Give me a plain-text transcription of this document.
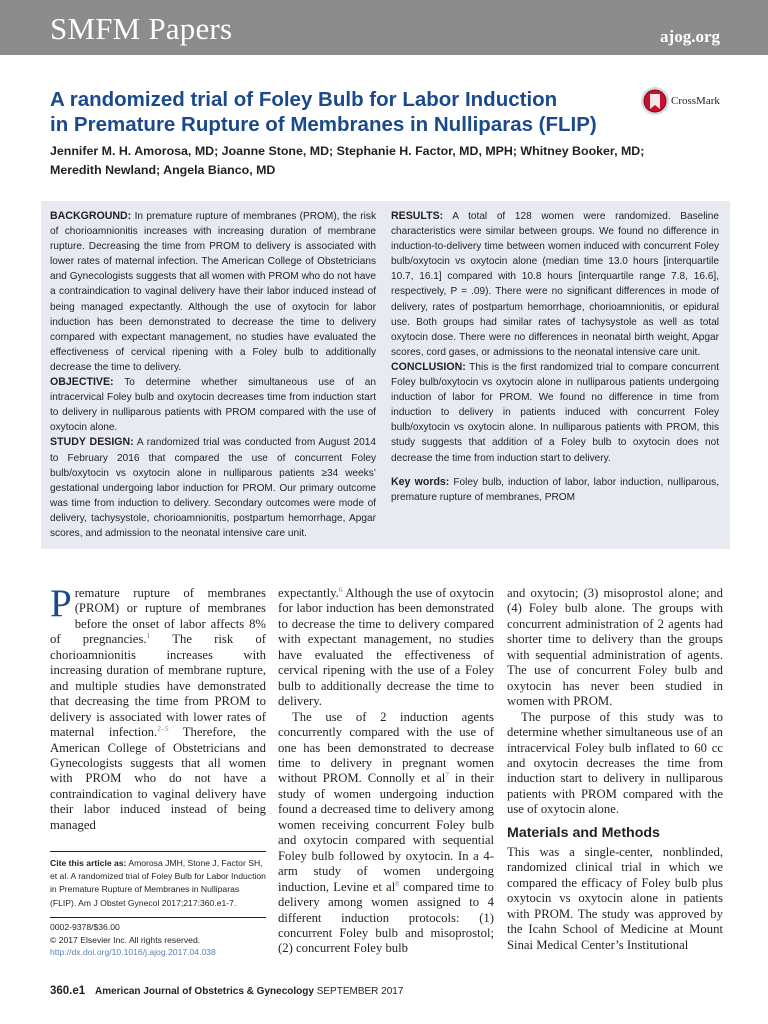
SMFM Papers	ajog.org
A randomized trial of Foley Bulb for Labor Induction
in Premature Rupture of Membranes in Nulliparas (FLIP)
CrossMark
Jennifer M. H. Amorosa, MD; Joanne Stone, MD; Stephanie H. Factor, MD, MPH; Whitney Booker, MD;
Meredith Newland; Angela Bianco, MD
BACKGROUND: In premature rupture of membranes (PROM), the risk of chorioamnionitis increases with increasing duration of membrane rupture. Decreasing the time from PROM to delivery is associated with lower rates of maternal infection. The American College of Obstetricians and Gynecologists suggests that all women with PROM who do not have a contraindication to vaginal delivery have their labor induced instead of being managed expectantly. Although the use of oxytocin for labor induction has been demonstrated to decrease the time to delivery compared with expectant management, no studies have evaluated the effectiveness of cervical ripening with a Foley bulb to additionally decrease the time to delivery.
OBJECTIVE: To determine whether simultaneous use of an intracervical Foley bulb and oxytocin decreases time from induction start to delivery in nulliparous patients with PROM compared with the use of oxytocin alone.
STUDY DESIGN: A randomized trial was conducted from August 2014 to February 2016 that compared the use of concurrent Foley bulb/oxytocin vs oxytocin alone in nulliparous patients ≥34 weeks’ gestational undergoing labor induction for PROM. Our primary outcome was time from induction to delivery. Secondary outcomes were mode of delivery, tachysystole, chorioamnionitis, postpartum hemorrhage, Apgar scores, and admission to the neonatal intensive care unit.
RESULTS: A total of 128 women were randomized. Baseline characteristics were similar between groups. We found no difference in induction-to-delivery time between women induced with concurrent Foley bulb/oxytocin vs oxytocin alone (median time 13.0 hours [interquartile 10.7, 16.1] compared with 10.8 hours [interquartile range 7.8, 16.6], respectively, P = .09). There were no significant differences in mode of delivery, rates of postpartum hemorrhage, chorioamnionitis, or epidural use. Both groups had similar rates of tachysystole as well as total oxytocin dose. There were no differences in neonatal birth weight, Apgar scores, cord gases, or admissions to the neonatal intensive care unit.
CONCLUSION: This is the first randomized trial to compare concurrent Foley bulb/oxytocin vs oxytocin alone in nulliparous patients undergoing induction of labor for PROM. We found no difference in time from induction to delivery in patients induced with concurrent Foley bulb/oxytocin vs oxytocin alone. In nulliparous patients with PROM, this study suggests that addition of a Foley bulb to oxytocin does not decrease the time from induction start to delivery.
Key words: Foley bulb, induction of labor, labor induction, nulliparous, premature rupture of membranes, PROM

Premature rupture of membranes (PROM) or rupture of membranes before the onset of labor affects 8% of pregnancies.$^1$ The risk of chorioamnionitis increases with increasing duration of membrane rupture, and multiple studies have demonstrated that decreasing the time from PROM to delivery is associated with lower rates of maternal infection.$^{2-5}$ Therefore, the American College of Obstetricians and Gynecologists suggests that all women with PROM who do not have a contraindication to vaginal delivery have their labor induced instead of being managed

Cite this article as: Amorosa JMH, Stone J, Factor SH, et al. A randomized trial of Foley Bulb for Labor Induction in Premature Rupture of Membranes in Nulliparas (FLIP). Am J Obstet Gynecol 2017;217:360.e1-7.
0002-9378/$36.00
© 2017 Elsevier Inc. All rights reserved.
http://dx.doi.org/10.1016/j.ajog.2017.04.038

expectantly.$^6$ Although the use of oxytocin for labor induction has been demonstrated to decrease the time to delivery compared with expectant management, no studies have evaluated the effectiveness of cervical ripening with the use of a Foley bulb to additionally decrease the time to delivery.

The use of 2 induction agents concurrently compared with the use of one has been demonstrated to decrease time to delivery in pregnant women without PROM. Connolly et $al^7$ in their study of women undergoing induction found a decreased time to delivery among women receiving concurrent Foley bulb and oxytocin compared with sequential Foley bulb followed by oxytocin. In a 4-arm study of women undergoing induction, Levine et $al^8$ compared time to delivery among women assigned to 4 different induction protocols: (1) concurrent Foley bulb and misoprostol; (2) concurrent Foley bulb

and oxytocin; (3) misoprostol alone; and (4) Foley bulb alone. The groups with concurrent administration of 2 agents had shorter time to delivery than the groups with sequential administration of agents. The use of concurrent Foley bulb and oxytocin has never been studied in women with PROM.

The purpose of this study was to determine whether simultaneous use of an intracervical Foley bulb inflated to 60 cc and oxytocin decreases the time from induction start to delivery in nulliparous patients with PROM compared with the use of oxytocin alone.

Materials and Methods

This was a single-center, nonblinded, randomized clinical trial in which we compared the efficacy of Foley bulb plus oxytocin vs oxytocin alone in patients with PROM. The study was approved by the Icahn School of Medicine at Mount Sinai Medical Center’s Institutional

360.e1 American Journal of Obstetrics & Gynecology SEPTEMBER 2017
